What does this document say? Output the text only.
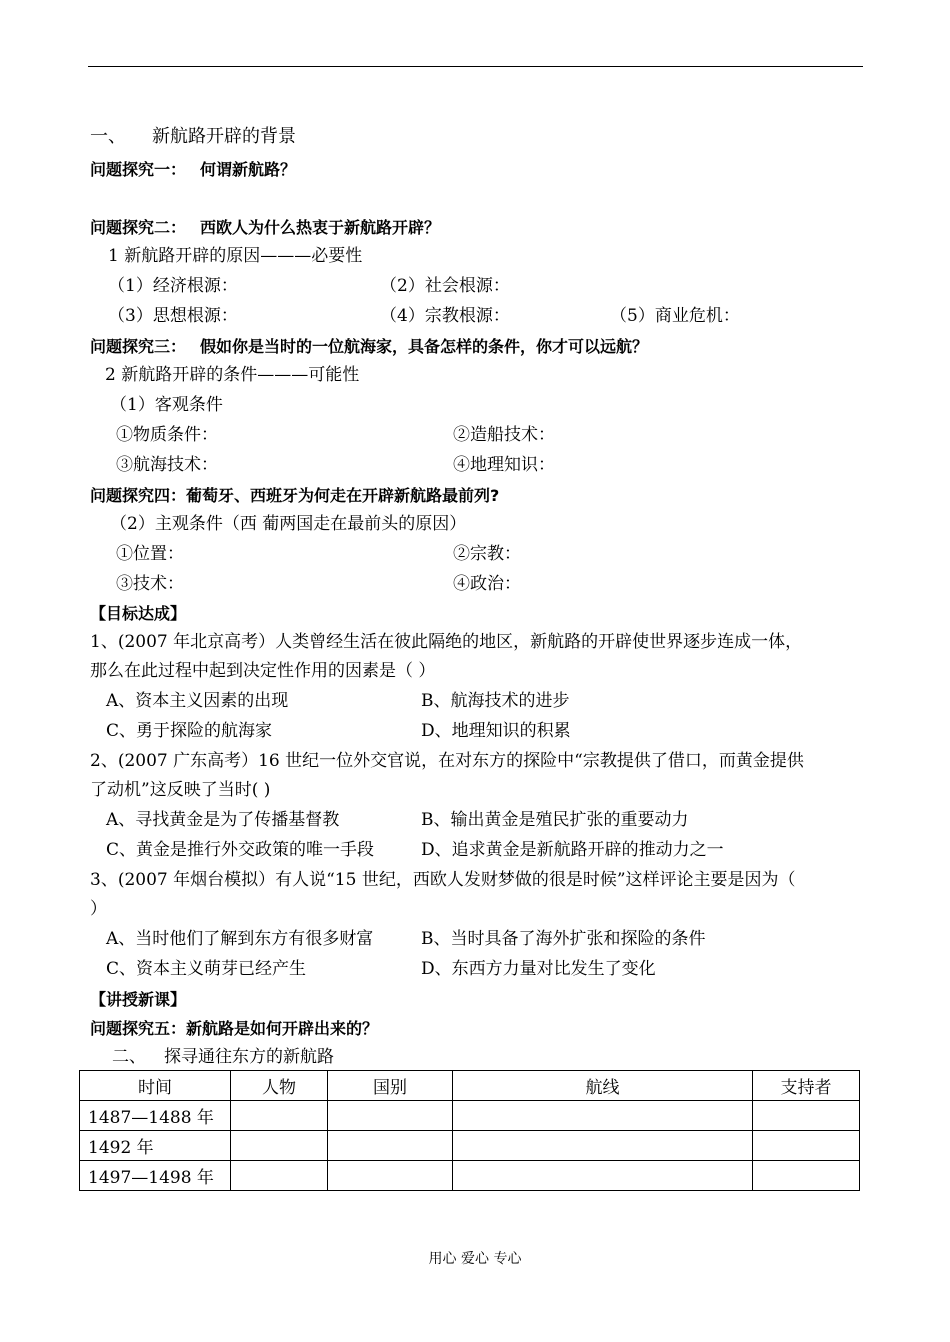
一、 新航路开辟的背景
问题探究一： 何谓新航路？
问题探究二： 西欧人为什么热衷于新航路开辟？
1 新航路开辟的原因———必要性
（1）经济根源：	（2）社会根源：
（3）思想根源：	（4）宗教根源：	（5）商业危机：
问题探究三： 假如你是当时的一位航海家，具备怎样的条件，你才可以远航？
2 新航路开辟的条件———可能性
（1）客观条件
①物质条件：	②造船技术：
③航海技术：	④地理知识：
问题探究四：葡萄牙、西班牙为何走在开辟新航路最前列?
（2）主观条件（西 葡两国走在最前头的原因）
①位置：	②宗教：
③技术：	④政治：
【目标达成】
1、(2007 年北京高考）人类曾经生活在彼此隔绝的地区，新航路的开辟使世界逐步连成一体，
那么在此过程中起到决定性作用的因素是（ ）
A、资本主义因素的出现	B、航海技术的进步
C、勇于探险的航海家	D、地理知识的积累
2、(2007 广东高考）16 世纪一位外交官说，在对东方的探险中“宗教提供了借口，而黄金提供
了动机”这反映了当时( )
A、寻找黄金是为了传播基督教	B、输出黄金是殖民扩张的重要动力
C、黄金是推行外交政策的唯一手段	D、追求黄金是新航路开辟的推动力之一
3、(2007 年烟台模拟）有人说“15 世纪，西欧人发财梦做的很是时候”这样评论主要是因为（
）
A、当时他们了解到东方有很多财富	B、当时具备了海外扩张和探险的条件
C、资本主义萌芽已经产生	D、东西方力量对比发生了变化
【讲授新课】
问题探究五：新航路是如何开辟出来的？
二、 探寻通往东方的新航路
时间	人物	国别	航线	支持者
1487—1488 年				
1492 年				
1497—1498 年				
用心 爱心 专心
